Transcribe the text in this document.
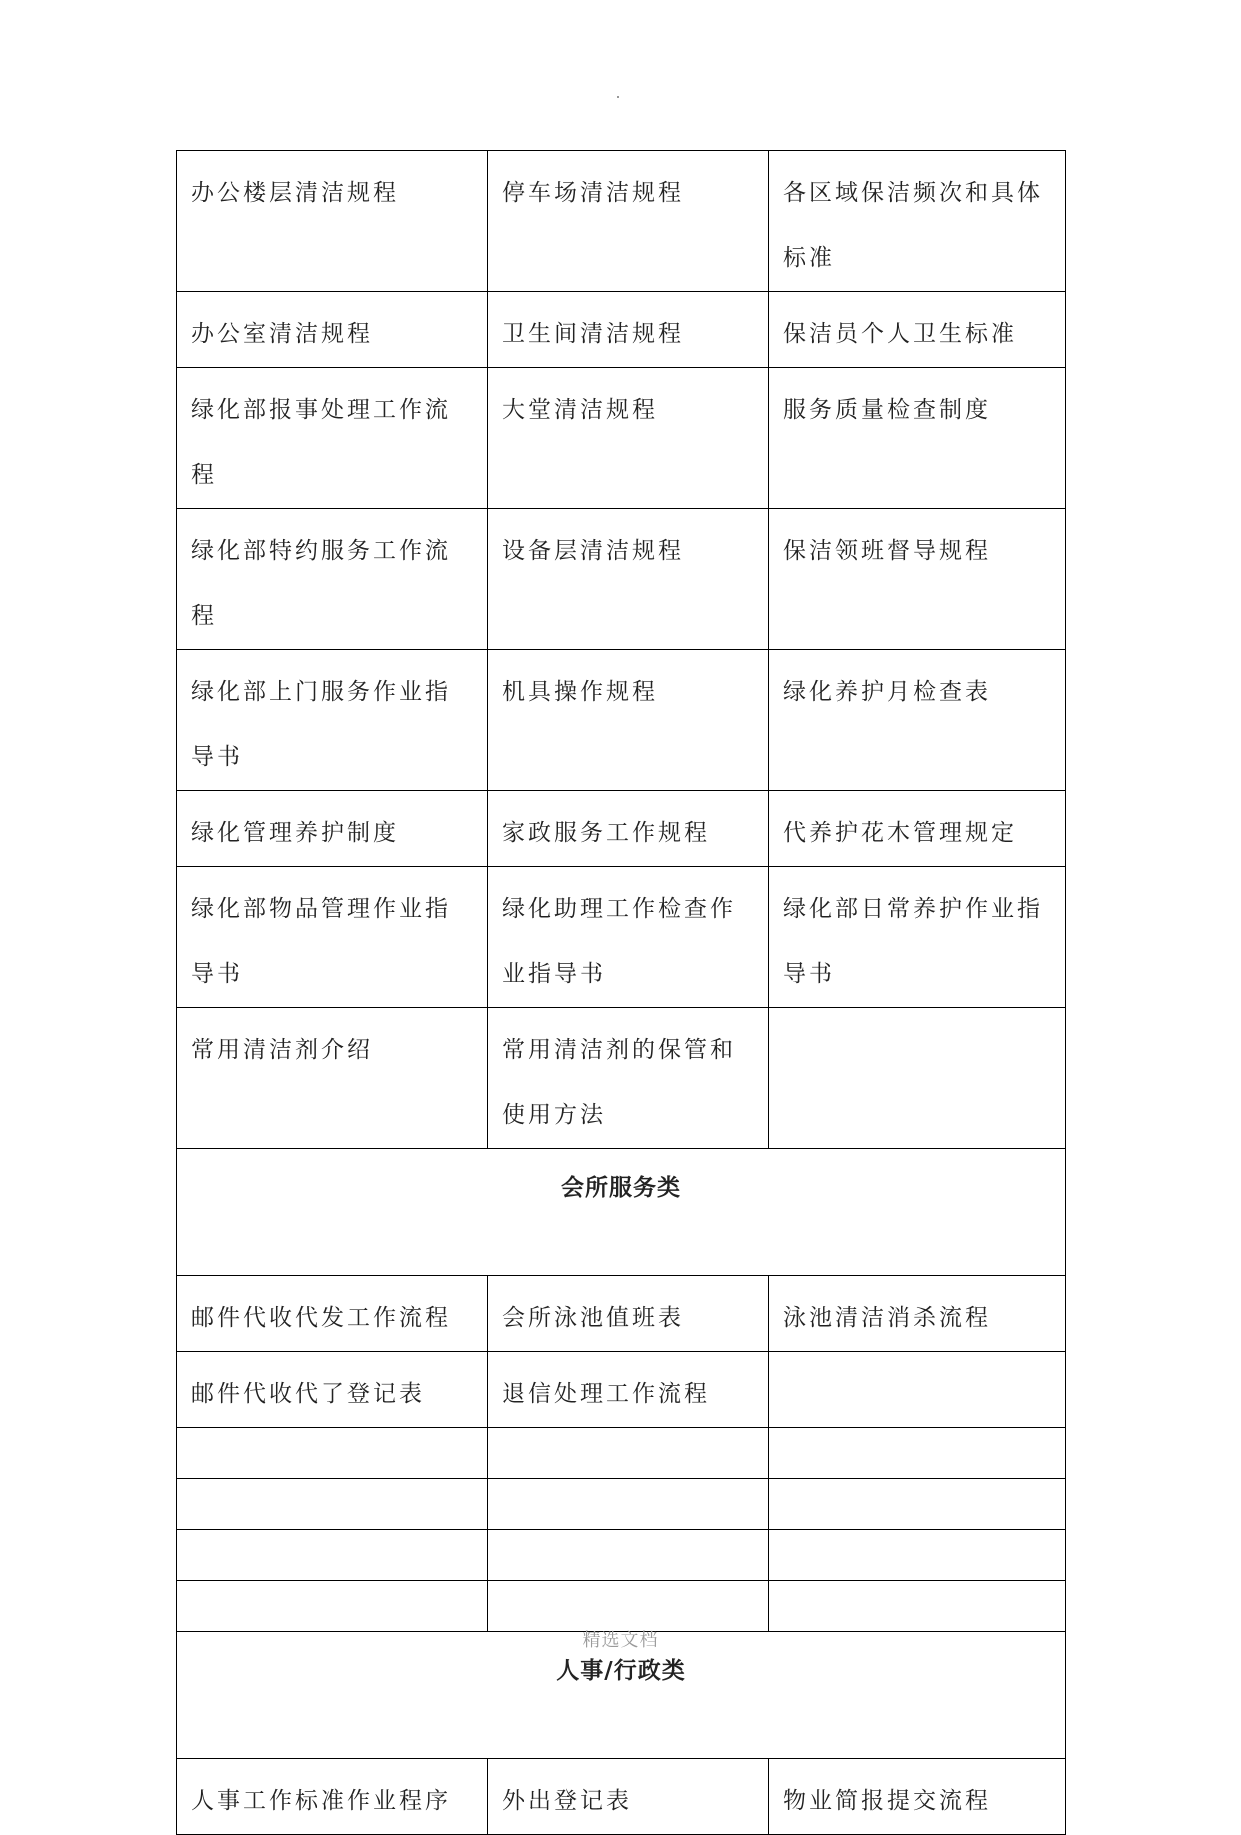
办公楼层清洁规程	停车场清洁规程	各区域保洁频次和具体标准
办公室清洁规程	卫生间清洁规程	保洁员个人卫生标准
绿化部报事处理工作流程	大堂清洁规程	服务质量检查制度
绿化部特约服务工作流程	设备层清洁规程	保洁领班督导规程
绿化部上门服务作业指导书	机具操作规程	绿化养护月检查表
绿化管理养护制度	家政服务工作规程	代养护花木管理规定
绿化部物品管理作业指导书	绿化助理工作检查作业指导书	绿化部日常养护作业指导书
常用清洁剂介绍	常用清洁剂的保管和使用方法	
会所服务类		
邮件代收代发工作流程	会所泳池值班表	泳池清洁消杀流程
邮件代收代了登记表	退信处理工作流程	

人事/行政类		
人事工作标准作业程序	外出登记表	物业简报提交流程
精选文档
